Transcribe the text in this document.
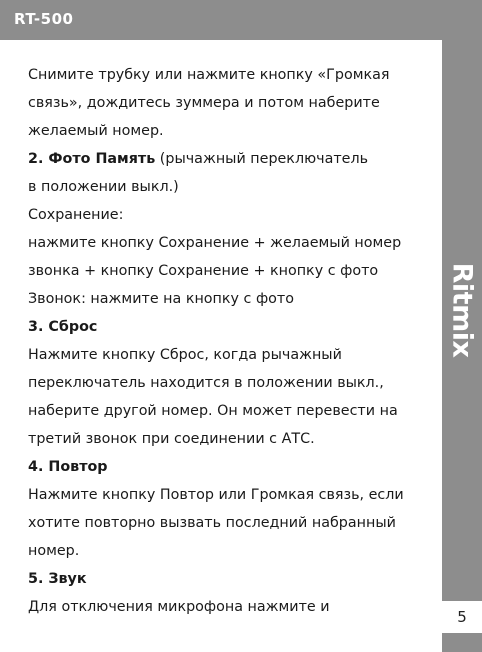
RT-500
Ritmix
5
Снимите трубку или нажмите кнопку «Громкая
связь», дождитесь зуммера и потом наберите
желаемый номер.
2. Фото Память (рычажный переключатель
в положении выкл.)
Сохранение:
нажмите кнопку Сохранение + желаемый номер
звонка + кнопку Сохранение + кнопку с фото
Звонок: нажмите на кнопку с фото
3. Сброс
Нажмите кнопку Сброс, когда рычажный
переключатель находится в положении выкл.,
наберите другой номер. Он может перевести на
третий звонок при соединении с АТС.
4. Повтор
Нажмите кнопку Повтор или Громкая связь, если
хотите повторно вызвать последний набранный
номер.
5. Звук
Для отключения микрофона нажмите и
